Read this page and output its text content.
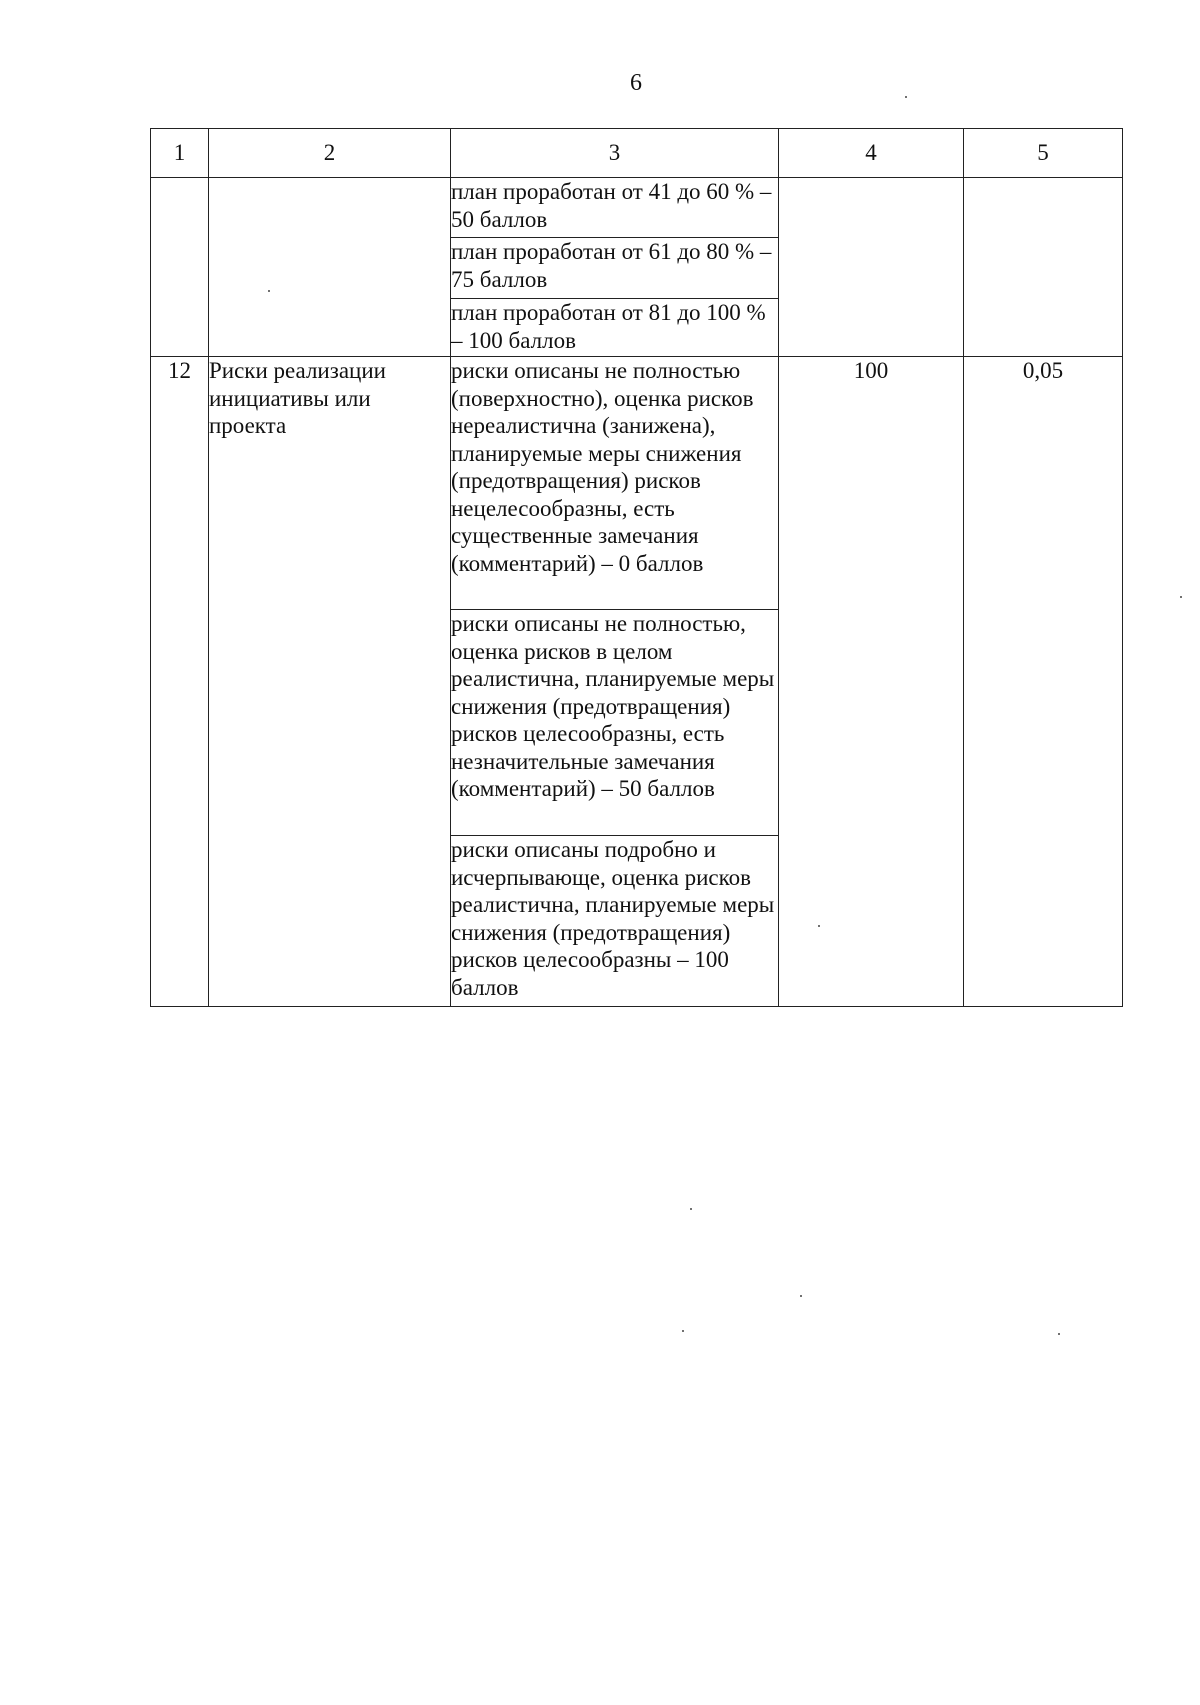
6
1	2	3	4	5
		план проработан от 41 до 60 % – 50 баллов		
		план проработан от 61 до 80 % – 75 баллов		
		план проработан от 81 до 100 % – 100 баллов		
12	Риски реализации инициативы или проекта	риски описаны не полностью (поверхностно), оценка рисков нереалистична (занижена), планируемые меры снижения (предотвращения) рисков нецелесообразны, есть существенные замечания (комментарий) – 0 баллов	100	0,05
		риски описаны не полностью, оценка рисков в целом реалистична, планируемые меры снижения (предотвращения) рисков целесообразны, есть незначительные замечания (комментарий) – 50 баллов		
		риски описаны подробно и исчерпывающе, оценка рисков реалистична, планируемые меры снижения (предотвращения) рисков целесообразны – 100 баллов		
